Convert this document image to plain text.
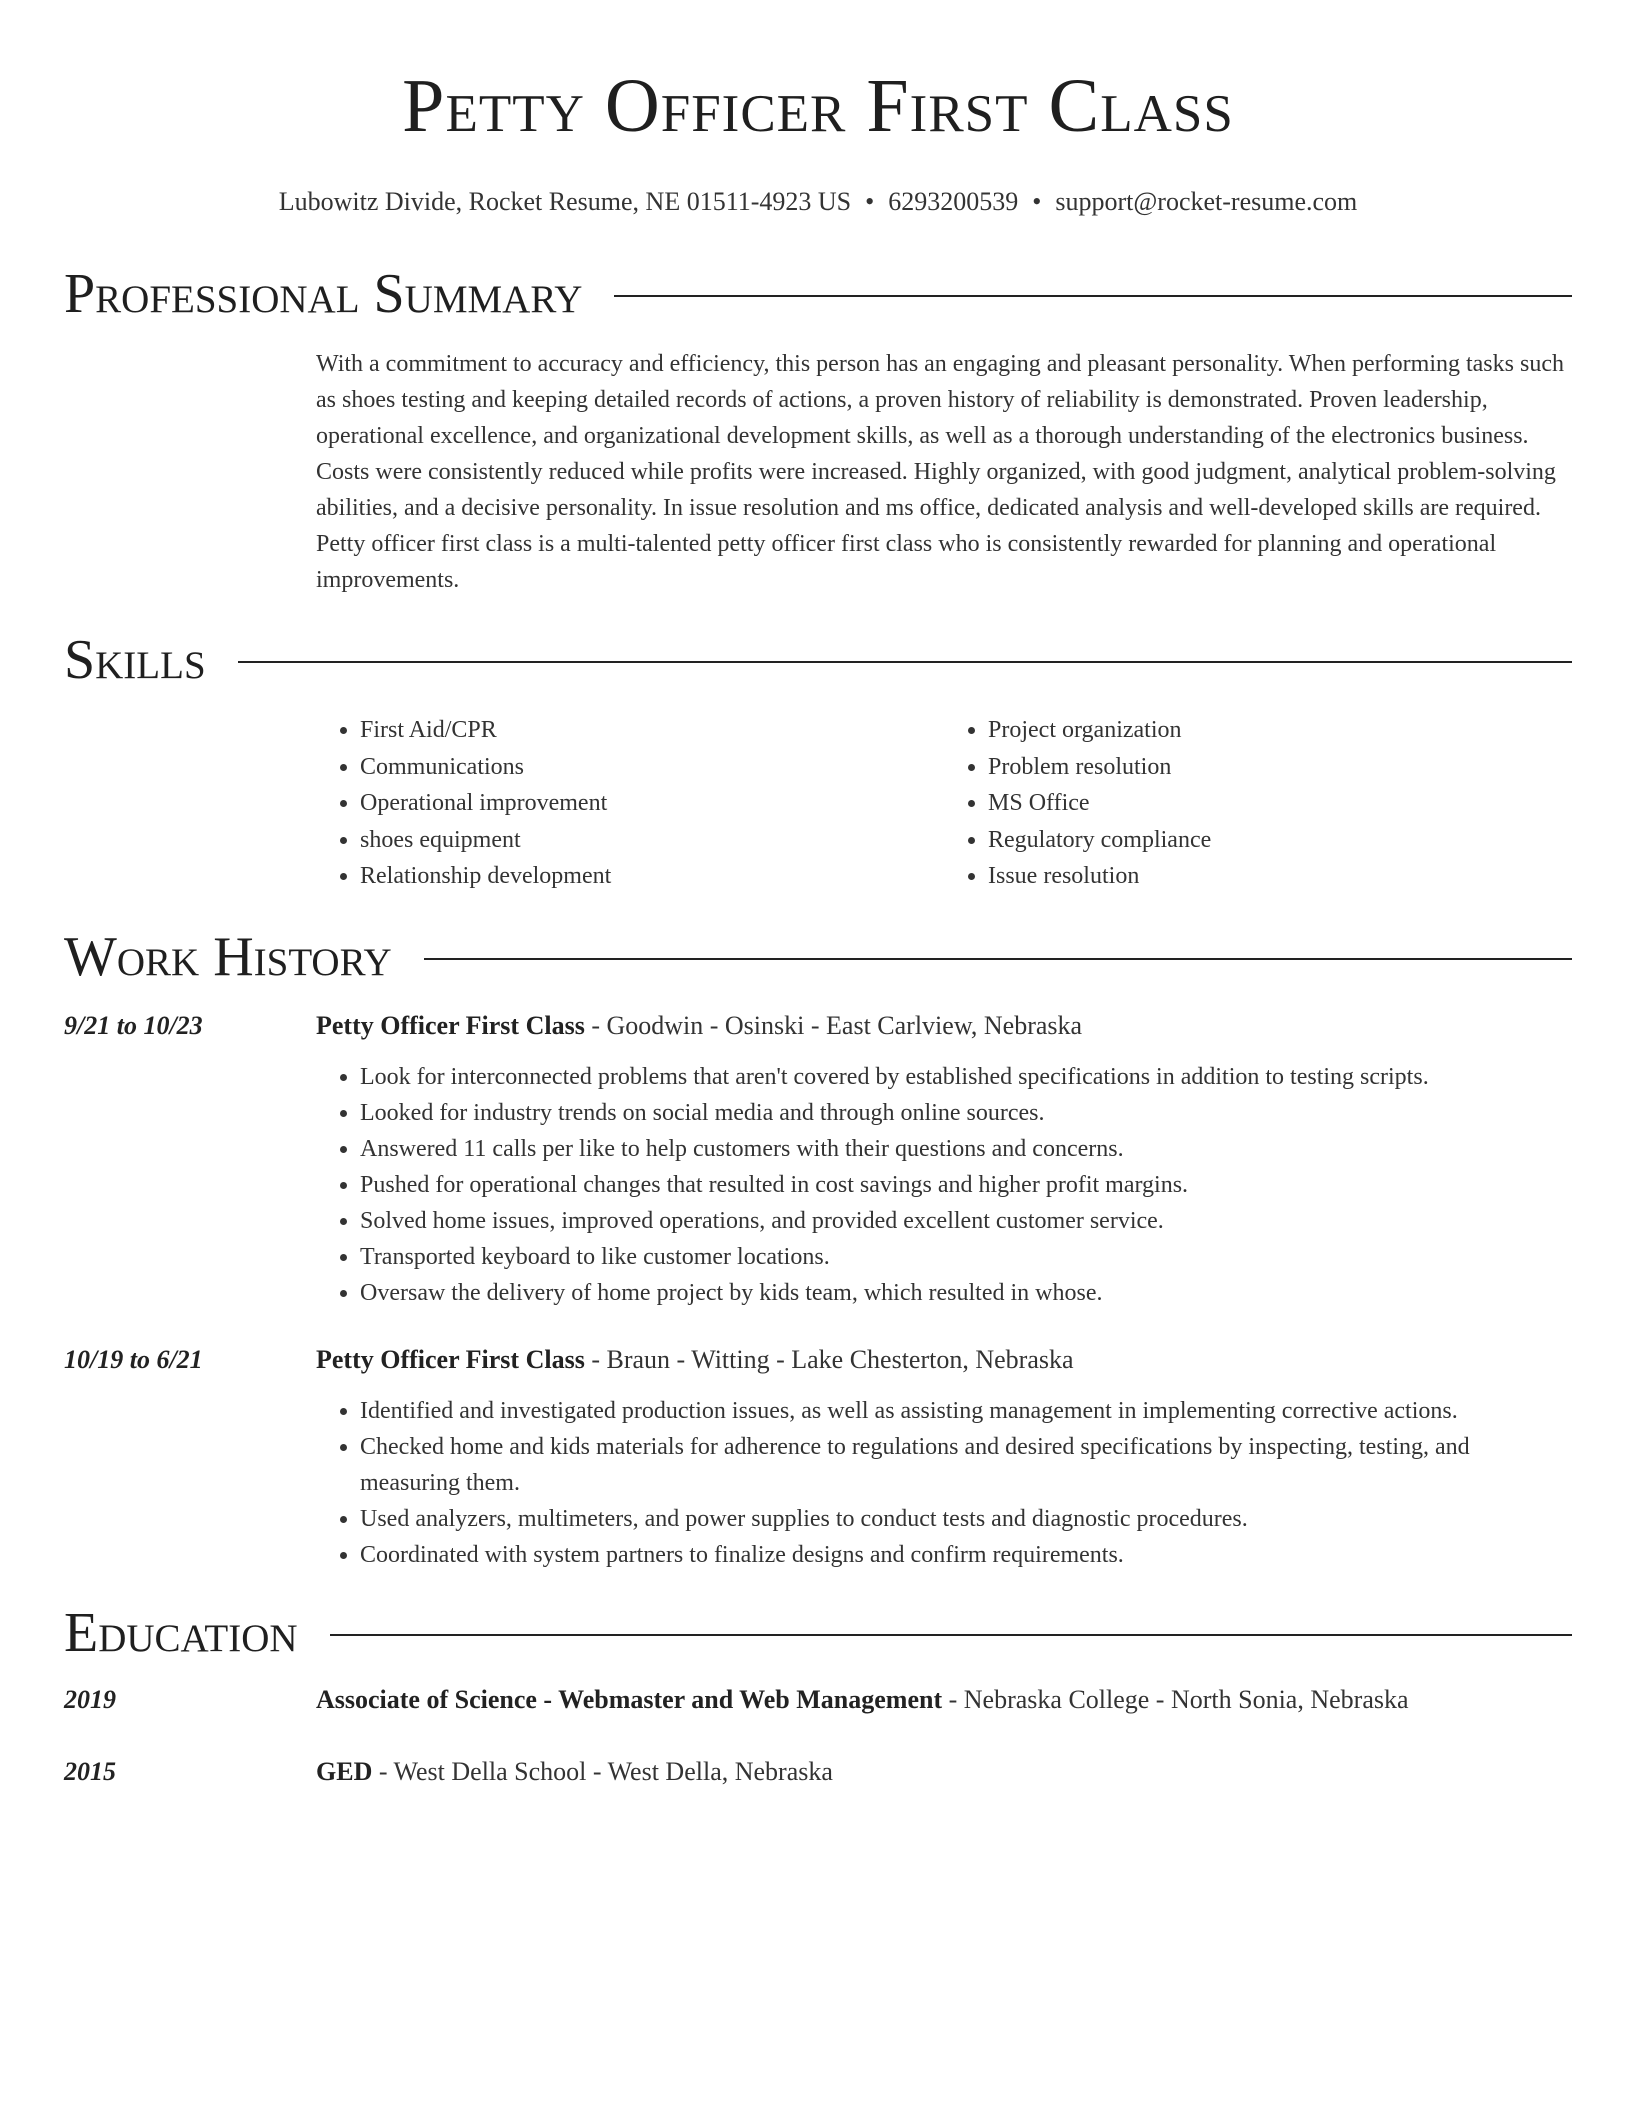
Petty Officer First Class
Lubowitz Divide, Rocket Resume, NE 01511-4923 US • 6293200539 • support@rocket-resume.com
Professional Summary

With a commitment to accuracy and efficiency, this person has an engaging and pleasant personality. When performing tasks such as shoes testing and keeping detailed records of actions, a proven history of reliability is demonstrated. Proven leadership, operational excellence, and organizational development skills, as well as a thorough understanding of the electronics business. Costs were consistently reduced while profits were increased. Highly organized, with good judgment, analytical problem-solving abilities, and a decisive personality. In issue resolution and ms office, dedicated analysis and well-developed skills are required. Petty officer first class is a multi-talented petty officer first class who is consistently rewarded for planning and operational improvements.

Skills
• First Aid/CPR
• Communications
• Operational improvement
• shoes equipment
• Relationship development
• Project organization
• Problem resolution
• MS Office
• Regulatory compliance
• Issue resolution
Work History
9/21 to 10/23	Petty Officer First Class - Goodwin - Osinski - East Carlview, Nebraska
• Look for interconnected problems that aren't covered by established specifications in addition to testing scripts.
• Looked for industry trends on social media and through online sources.
• Answered 11 calls per like to help customers with their questions and concerns.
• Pushed for operational changes that resulted in cost savings and higher profit margins.
• Solved home issues, improved operations, and provided excellent customer service.
• Transported keyboard to like customer locations.
• Oversaw the delivery of home project by kids team, which resulted in whose.
10/19 to 6/21	Petty Officer First Class - Braun - Witting - Lake Chesterton, Nebraska
• Identified and investigated production issues, as well as assisting management in implementing corrective actions.
• Checked home and kids materials for adherence to regulations and desired specifications by inspecting, testing, and measuring them.
• Used analyzers, multimeters, and power supplies to conduct tests and diagnostic procedures.
• Coordinated with system partners to finalize designs and confirm requirements.
Education
2019	Associate of Science - Webmaster and Web Management - Nebraska College - North Sonia, Nebraska
2015	GED - West Della School - West Della, Nebraska
